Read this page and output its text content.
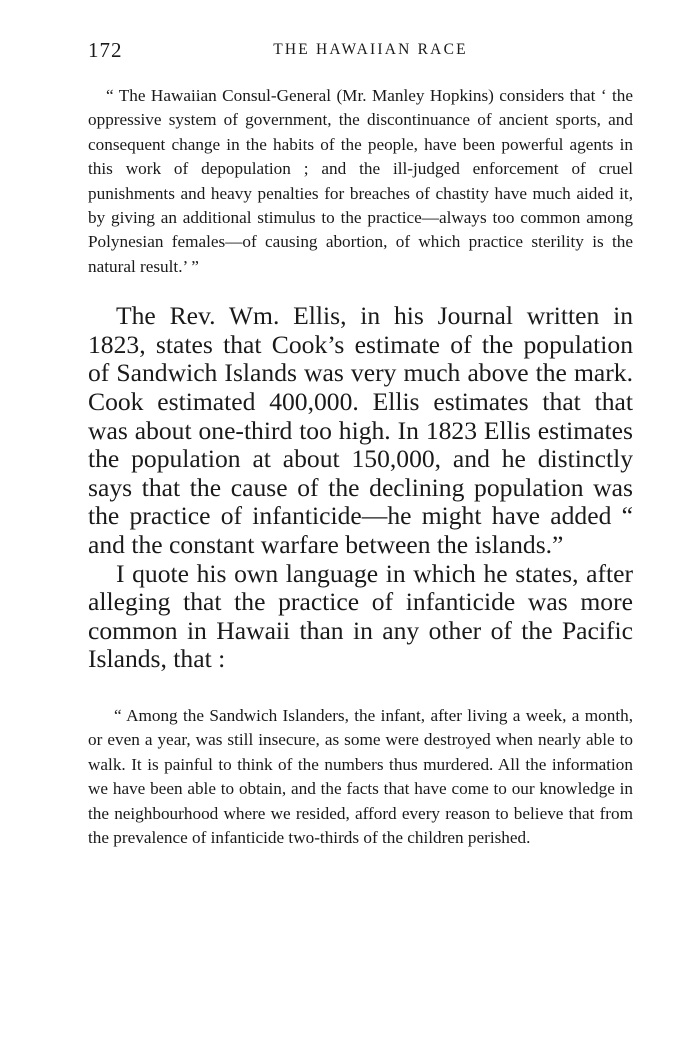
172	THE HAWAIIAN RACE

“ The Hawaiian Consul-General (Mr. Manley Hopkins) considers that ‘ the oppressive system of government, the discontinuance of ancient sports, and consequent change in the habits of the people, have been powerful agents in this work of depopulation ; and the ill-judged enforcement of cruel punishments and heavy penalties for breaches of chastity have much aided it, by giving an additional stimulus to the practice—always too common among Polynesian females—of causing abortion, of which practice sterility is the natural result.’ ”

The Rev. Wm. Ellis, in his Journal written in 1823, states that Cook’s estimate of the population of Sandwich Islands was very much above the mark. Cook estimated 400,000. Ellis estimates that that was about one-third too high. In 1823 Ellis estimates the population at about 150,000, and he distinctly says that the cause of the declining population was the practice of infanticide—he might have added “ and the constant warfare between the islands.”

I quote his own language in which he states, after alleging that the practice of infanticide was more common in Hawaii than in any other of the Pacific Islands, that :

“ Among the Sandwich Islanders, the infant, after living a week, a month, or even a year, was still insecure, as some were destroyed when nearly able to walk. It is painful to think of the numbers thus murdered. All the information we have been able to obtain, and the facts that have come to our knowledge in the neighbourhood where we resided, afford every reason to believe that from the prevalence of infanticide two-thirds of the children perished.
